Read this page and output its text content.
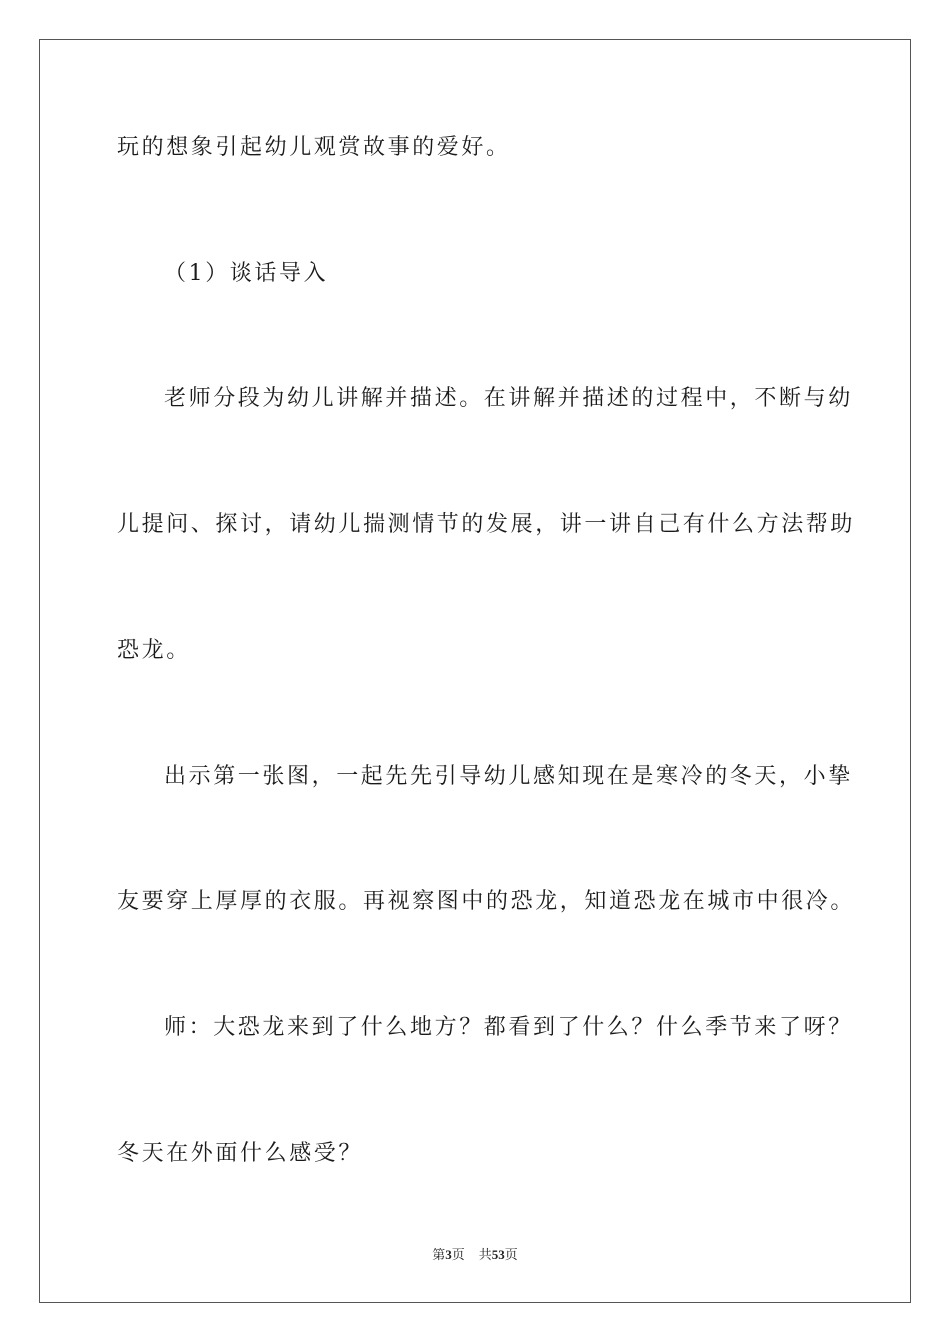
玩的想象引起幼儿观赏故事的爱好。
（1）谈话导入
老师分段为幼儿讲解并描述。在讲解并描述的过程中，不断与幼
儿提问、探讨，请幼儿揣测情节的发展，讲一讲自己有什么方法帮助
恐龙。
出示第一张图，一起先先引导幼儿感知现在是寒冷的冬天，小挚
友要穿上厚厚的衣服。再视察图中的恐龙，知道恐龙在城市中很冷。
师：大恐龙来到了什么地方？都看到了什么？什么季节来了呀？
冬天在外面什么感受？
第3页 共53页
